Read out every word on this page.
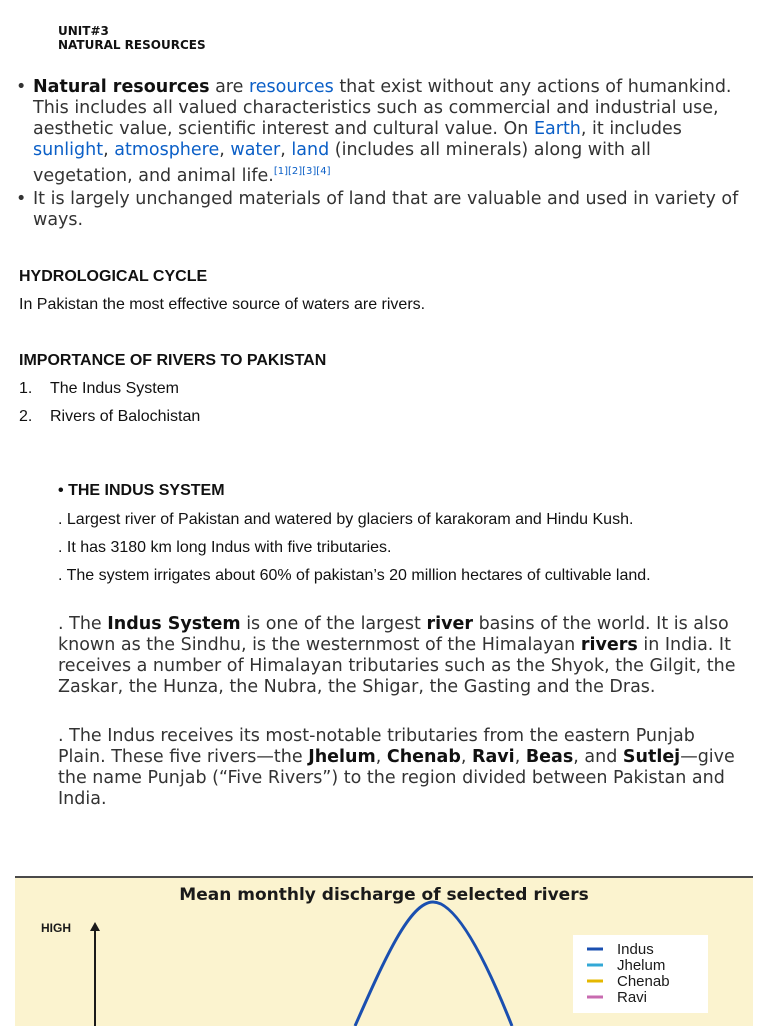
UNIT#3
NATURAL RESOURCES
• Natural resources are resources that exist without any actions of humankind. This includes all valued characteristics such as commercial and industrial use, aesthetic value, scientific interest and cultural value. On Earth, it includes sunlight, atmosphere, water, land (includes all minerals) along with all vegetation, and animal life.[1][2][3][4]
• It is largely unchanged materials of land that are valuable and used in variety of ways.
HYDROLOGICAL CYCLE
In Pakistan the most effective source of waters are rivers.
IMPORTANCE OF RIVERS TO PAKISTAN
1. The Indus System
2. Rivers of Balochistan
• THE INDUS SYSTEM
. Largest river of Pakistan and watered by glaciers of karakoram and Hindu Kush.
. It has 3180 km long Indus with five tributaries.
. The system irrigates about 60% of pakistan’s 20 million hectares of cultivable land.
. The Indus System is one of the largest river basins of the world. It is also known as the Sindhu, is the westernmost of the Himalayan rivers in India. It receives a number of Himalayan tributaries such as the Shyok, the Gilgit, the Zaskar, the Hunza, the Nubra, the Shigar, the Gasting and the Dras.
. The Indus receives its most-notable tributaries from the eastern Punjab Plain. These five rivers—the Jhelum, Chenab, Ravi, Beas, and Sutlej—give the name Punjab (“Five Rivers”) to the region divided between Pakistan and India.
Mean monthly discharge of selected rivers
HIGH
Indus
Jhelum
Chenab
Ravi
